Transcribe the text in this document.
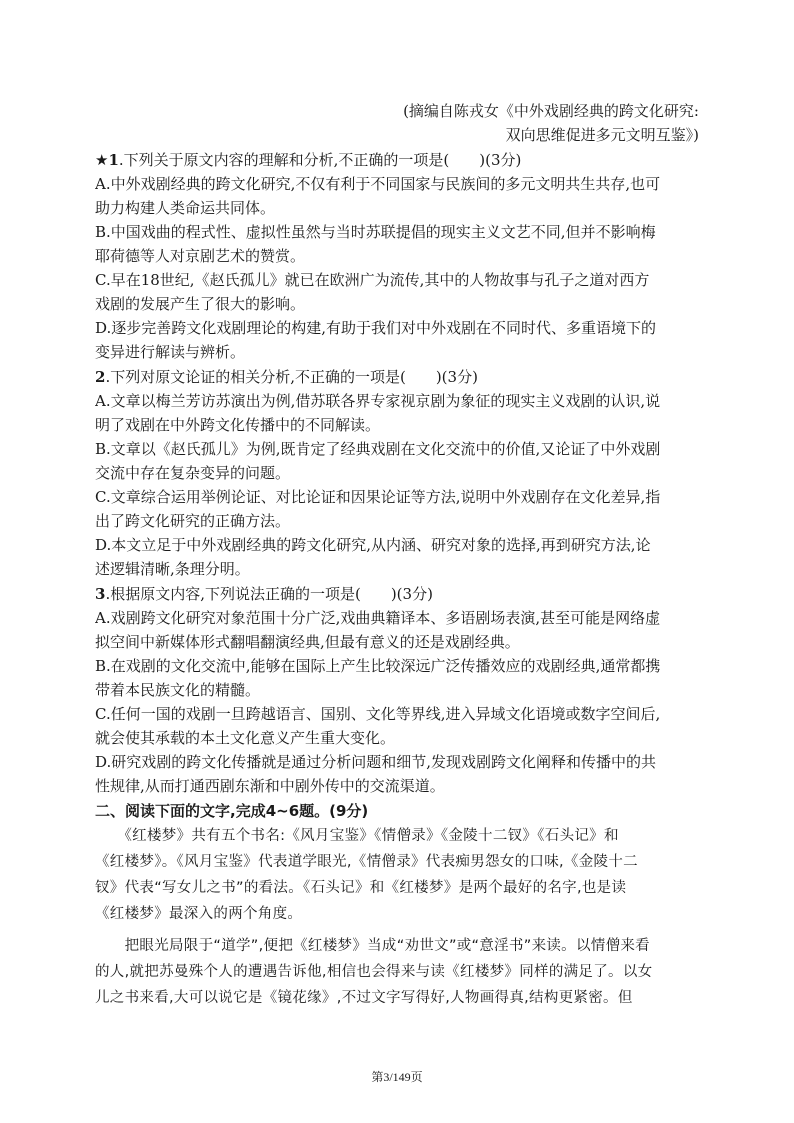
(摘编自陈戎女《中外戏剧经典的跨文化研究:
双向思维促进多元文明互鉴》)
★1.下列关于原文内容的理解和分析,不正确的一项是(　　)(3分)
A.中外戏剧经典的跨文化研究,不仅有利于不同国家与民族间的多元文明共生共存,也可
助力构建人类命运共同体。
B.中国戏曲的程式性、虚拟性虽然与当时苏联提倡的现实主义文艺不同,但并不影响梅
耶荷德等人对京剧艺术的赞赏。
C.早在18世纪,《赵氏孤儿》就已在欧洲广为流传,其中的人物故事与孔子之道对西方
戏剧的发展产生了很大的影响。
D.逐步完善跨文化戏剧理论的构建,有助于我们对中外戏剧在不同时代、多重语境下的
变异进行解读与辨析。
2.下列对原文论证的相关分析,不正确的一项是(　　)(3分)
A.文章以梅兰芳访苏演出为例,借苏联各界专家视京剧为象征的现实主义戏剧的认识,说
明了戏剧在中外跨文化传播中的不同解读。
B.文章以《赵氏孤儿》为例,既肯定了经典戏剧在文化交流中的价值,又论证了中外戏剧
交流中存在复杂变异的问题。
C.文章综合运用举例论证、对比论证和因果论证等方法,说明中外戏剧存在文化差异,指
出了跨文化研究的正确方法。
D.本文立足于中外戏剧经典的跨文化研究,从内涵、研究对象的选择,再到研究方法,论
述逻辑清晰,条理分明。
3.根据原文内容,下列说法正确的一项是(　　)(3分)
A.戏剧跨文化研究对象范围十分广泛,戏曲典籍译本、多语剧场表演,甚至可能是网络虚
拟空间中新媒体形式翻唱翻演经典,但最有意义的还是戏剧经典。
B.在戏剧的文化交流中,能够在国际上产生比较深远广泛传播效应的戏剧经典,通常都携
带着本民族文化的精髓。
C.任何一国的戏剧一旦跨越语言、国别、文化等界线,进入异域文化语境或数字空间后,
就会使其承载的本土文化意义产生重大变化。
D.研究戏剧的跨文化传播就是通过分析问题和细节,发现戏剧跨文化阐释和传播中的共
性规律,从而打通西剧东渐和中剧外传中的交流渠道。
二、阅读下面的文字,完成4~6题。(9分)
　　《红楼梦》共有五个书名:《风月宝鉴》《情僧录》《金陵十二钗》《石头记》和
《红楼梦》。《风月宝鉴》代表道学眼光,《情僧录》代表痴男怨女的口味,《金陵十二
钗》代表“写女儿之书”的看法。《石头记》和《红楼梦》是两个最好的名字,也是读
《红楼梦》最深入的两个角度。
　　把眼光局限于“道学”,便把《红楼梦》当成“劝世文”或“意淫书”来读。以情僧来看
的人,就把苏曼殊个人的遭遇告诉他,相信也会得来与读《红楼梦》同样的满足了。以女
儿之书来看,大可以说它是《镜花缘》,不过文字写得好,人物画得真,结构更紧密。但
第3/149页
